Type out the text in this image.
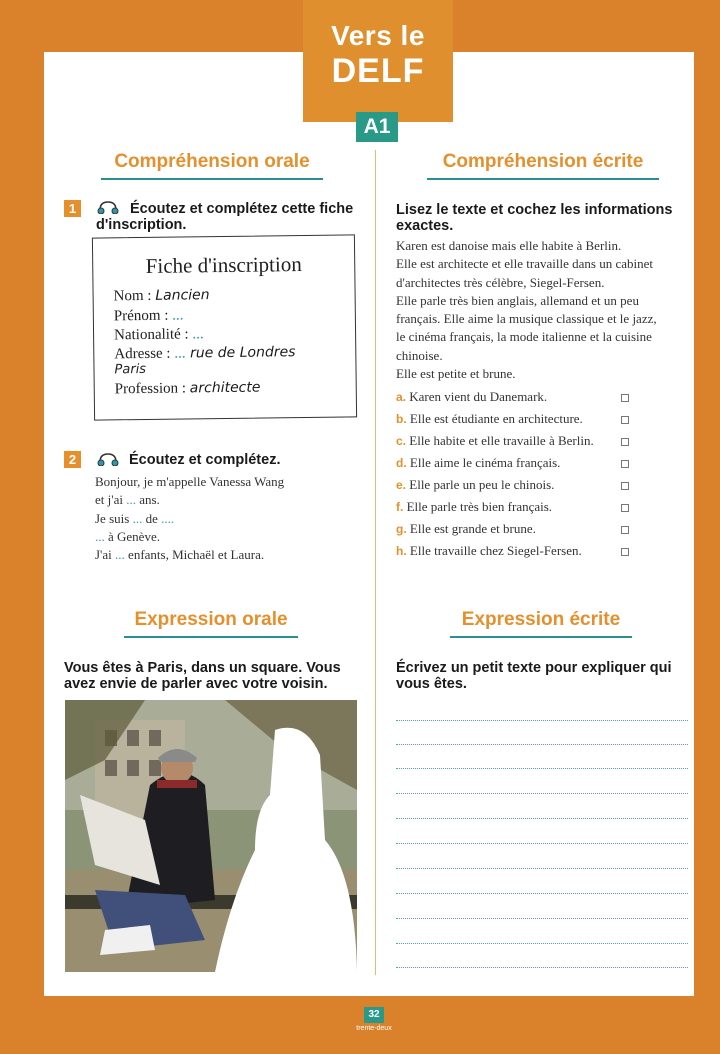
Vers le
DELF
A1
Compréhension orale
1	Écoutez et complétez cette fiche d'inscription.
Fiche d'inscription
Nom : Lancien
Prénom : ...
Nationalité : ...
Adresse : ... rue de Londres
Paris
Profession : architecte
2	Écoutez et complétez.
Bonjour, je m'appelle Vanessa Wang
et j'ai ... ans.
Je suis ... de ....
... à Genève.
J'ai ... enfants, Michaël et Laura.
Expression orale
Vous êtes à Paris, dans un square. Vous avez envie de parler avec votre voisin.
Compréhension écrite
Lisez le texte et cochez les informations exactes.
Karen est danoise mais elle habite à Berlin.
Elle est architecte et elle travaille dans un cabinet
d'architectes très célèbre, Siegel-Fersen.
Elle parle très bien anglais, allemand et un peu
français. Elle aime la musique classique et le jazz,
le cinéma français, la mode italienne et la cuisine
chinoise.
Elle est petite et brune.
a. Karen vient du Danemark.
b. Elle est étudiante en architecture.
c. Elle habite et elle travaille à Berlin.
d. Elle aime le cinéma français.
e. Elle parle un peu le chinois.
f. Elle parle très bien français.
g. Elle est grande et brune.
h. Elle travaille chez Siegel-Fersen.
Expression écrite
Écrivez un petit texte pour expliquer qui vous êtes.
32
trente-deux
